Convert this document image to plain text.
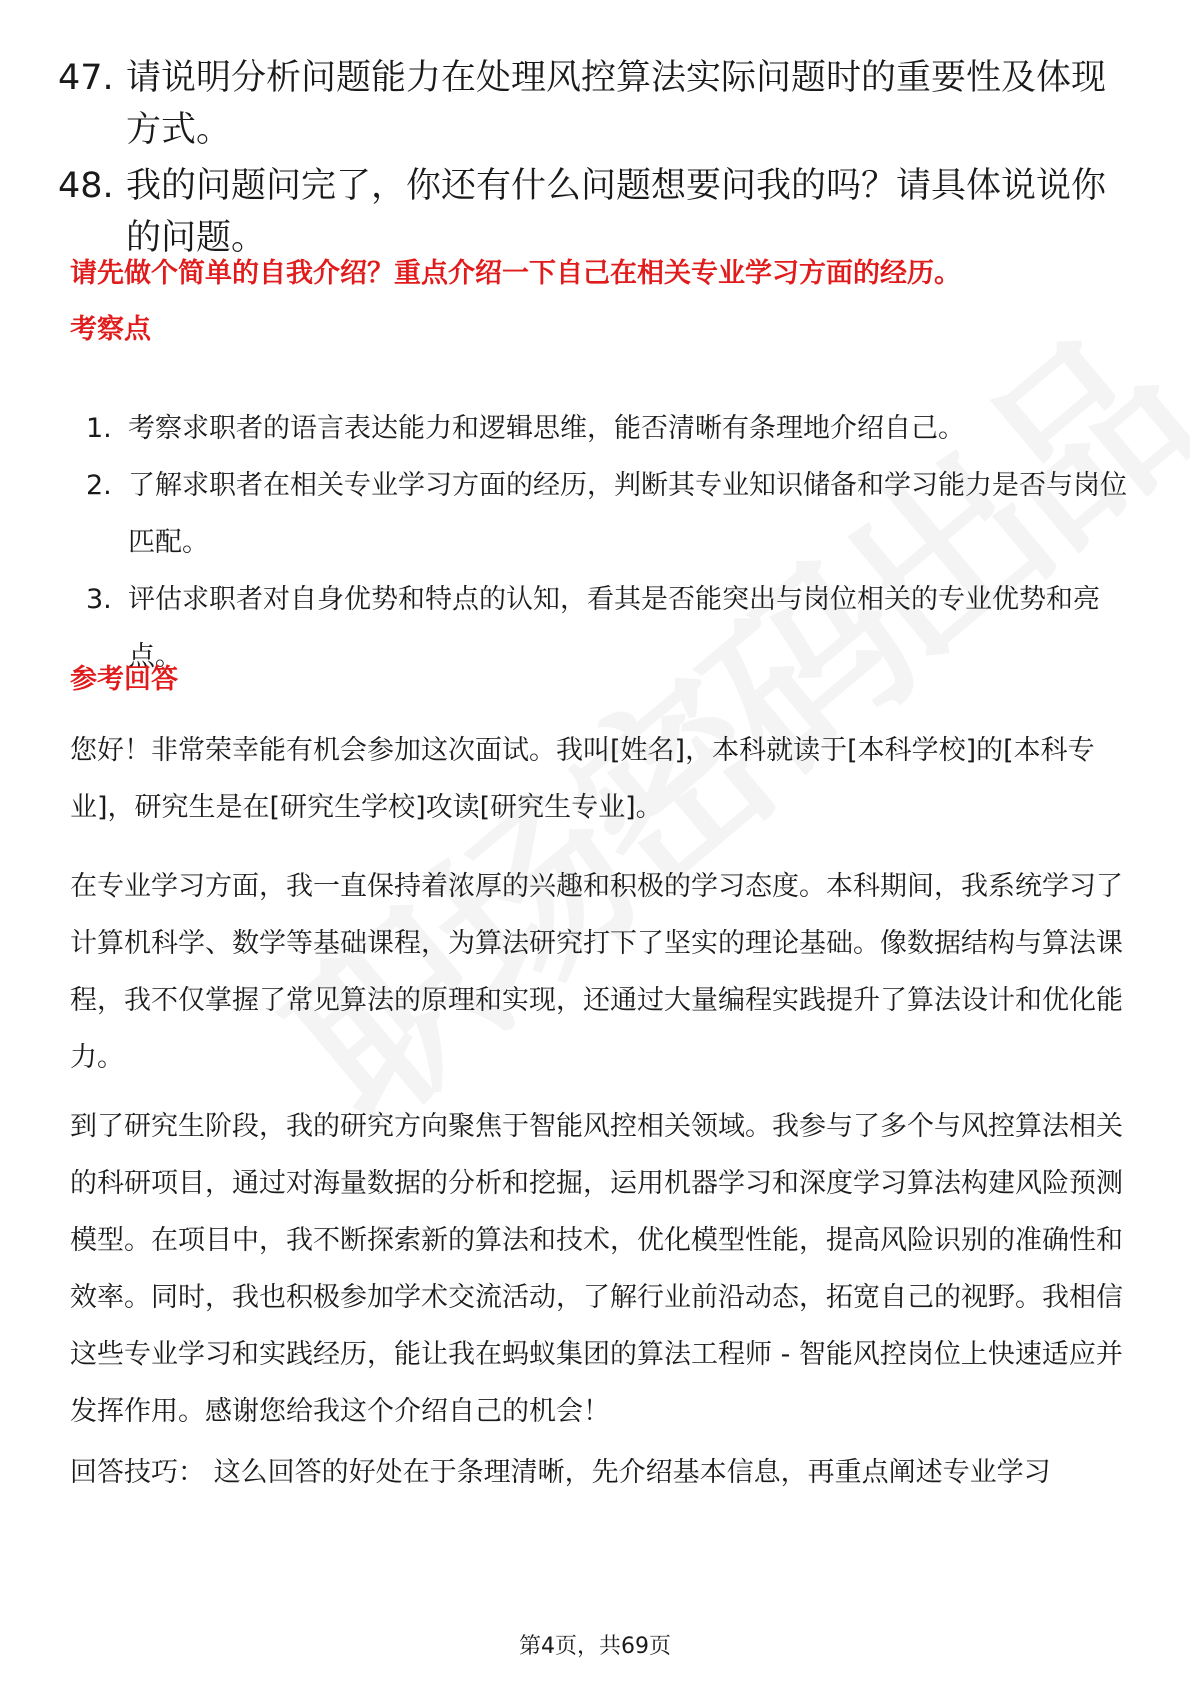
47. 请说明分析问题能力在处理风控算法实际问题时的重要性及体现方式。
48. 我的问题问完了，你还有什么问题想要问我的吗？请具体说说你的问题。
请先做个简单的自我介绍？重点介绍一下自己在相关专业学习方面的经历。
考察点
1. 考察求职者的语言表达能力和逻辑思维，能否清晰有条理地介绍自己。
2. 了解求职者在相关专业学习方面的经历，判断其专业知识储备和学习能力是否与岗位匹配。
3. 评估求职者对自身优势和特点的认知，看其是否能突出与岗位相关的专业优势和亮点。
参考回答

您好！非常荣幸能有机会参加这次面试。我叫[姓名]，本科就读于[本科学校]的[本科专业]，研究生是在[研究生学校]攻读[研究生专业]。

在专业学习方面，我一直保持着浓厚的兴趣和积极的学习态度。本科期间，我系统学习了计算机科学、数学等基础课程，为算法研究打下了坚实的理论基础。像数据结构与算法课程，我不仅掌握了常见算法的原理和实现，还通过大量编程实践提升了算法设计和优化能力。

到了研究生阶段，我的研究方向聚焦于智能风控相关领域。我参与了多个与风控算法相关的科研项目，通过对海量数据的分析和挖掘，运用机器学习和深度学习算法构建风险预测模型。在项目中，我不断探索新的算法和技术，优化模型性能，提高风险识别的准确性和效率。同时，我也积极参加学术交流活动，了解行业前沿动态，拓宽自己的视野。我相信这些专业学习和实践经历，能让我在蚂蚁集团的算法工程师 - 智能风控岗位上快速适应并发挥作用。感谢您给我这个介绍自己的机会！

回答技巧： 这么回答的好处在于条理清晰，先介绍基本信息，再重点阐述专业学习

第4页，共69页
